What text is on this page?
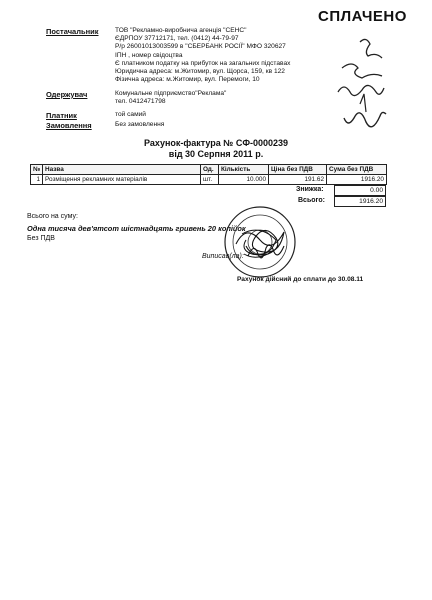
СПЛАЧЕНО
Постачальник	ТОВ "Рекламно-виробнича агенція "СЕНС"
ЄДРПОУ 37712171, тел. (0412) 44-79-97
Р/р 26001013003599 в "СБЕРБАНК РОСІЇ" МФО 320627
ІПН , номер свідоцтва
Є платником податку на прибуток на загальних підставах
Юридична адреса: м.Житомир, вул. Щорса, 159, кв 122
Фізична адреса: м.Житомир, вул. Перемоги, 10
Одержувач	Комунальне підприємство"Реклама"
тел. 0412471798
Платник	той самий
Замовлення	Без замовлення
Рахунок-фактура № СФ-0000239
від 30 Серпня 2011 р.
№	Назва	Од.	Кількість	Ціна без ПДВ	Сума без ПДВ
1	Розміщення рекламних матеріалів	шт.	10.000	191.62	1916.20
Знижка:	0.00
Всього:	1916.20
Всього на суму:
Одна тисяча дев'ятсот шістнадцять гривень 20 копійок
Без ПДВ
Виписав(ла):
Рахунок дійсний до сплати до 30.08.11
